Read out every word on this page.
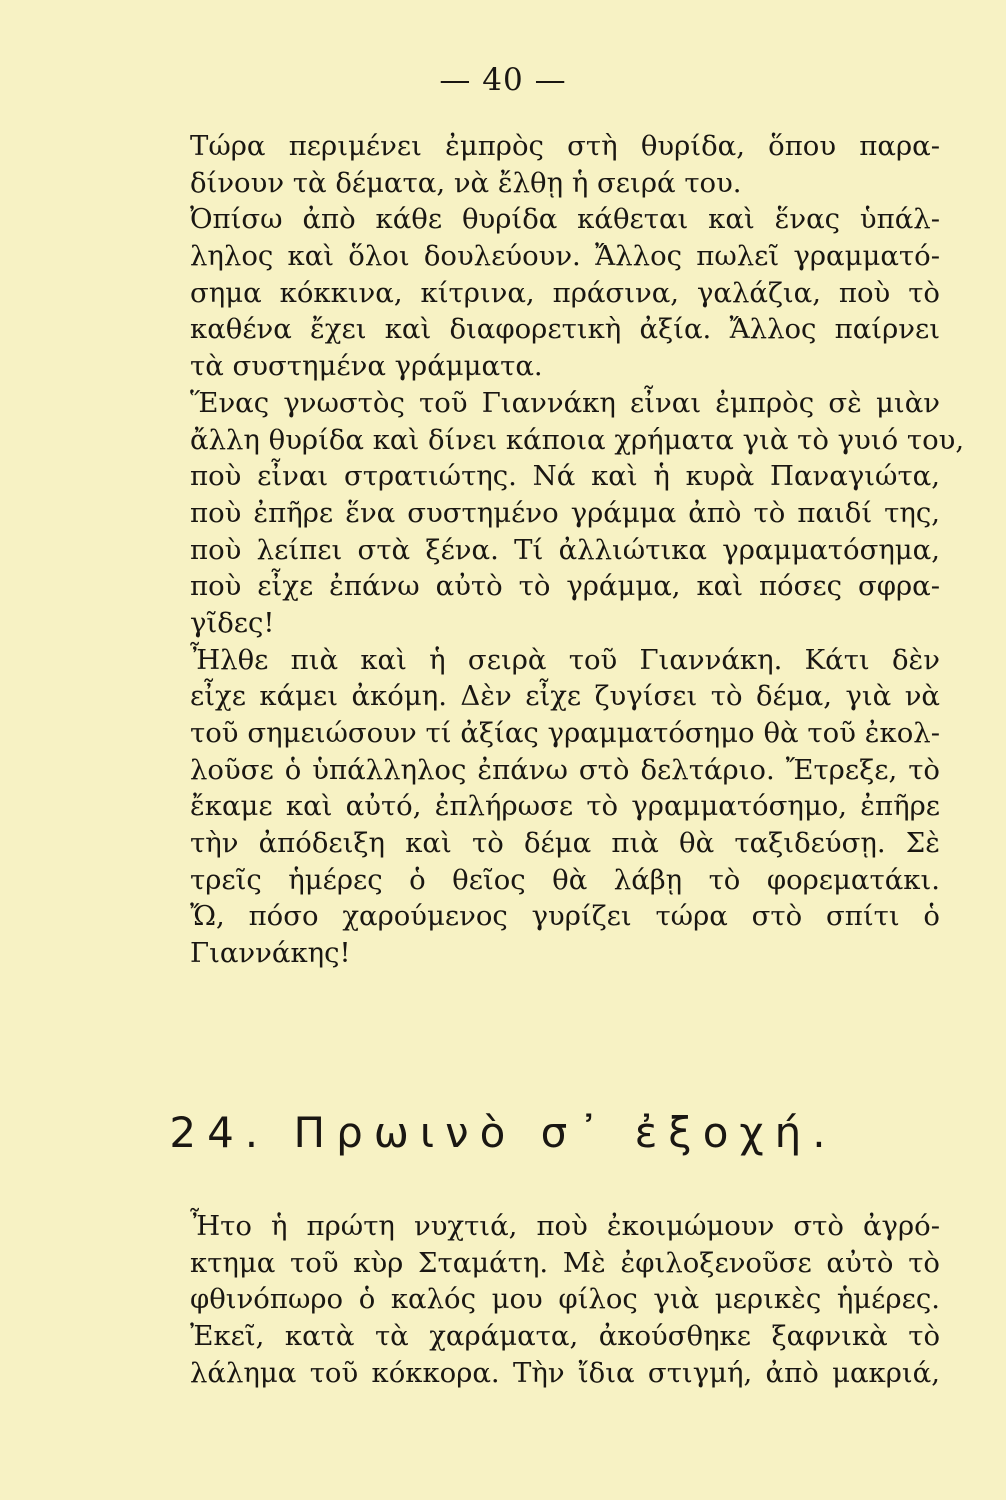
— 40 —
Τώρα περιμένει ἐμπρὸς στὴ θυρίδα, ὅπου παρα-
δίνουν τὰ δέματα, νὰ ἔλθῃ ἡ σειρά του.
Ὀπίσω ἀπὸ κάθε θυρίδα κάθεται καὶ ἕνας ὑπάλ-
ληλος καὶ ὅλοι δουλεύουν. Ἄλλος πωλεῖ γραμματό-
σημα κόκκινα, κίτρινα, πράσινα, γαλάζια, ποὺ τὸ
καθένα ἔχει καὶ διαφορετικὴ ἀξία. Ἄλλος παίρνει
τὰ συστημένα γράμματα.
Ἕνας γνωστὸς τοῦ Γιαννάκη εἶναι ἐμπρὸς σὲ μιὰν
ἄλλη θυρίδα καὶ δίνει κάποια χρήματα γιὰ τὸ γυιό του,
ποὺ εἶναι στρατιώτης. Νά καὶ ἡ κυρὰ Παναγιώτα,
ποὺ ἐπῆρε ἕνα συστημένο γράμμα ἀπὸ τὸ παιδί της,
ποὺ λείπει στὰ ξένα. Τί ἀλλιώτικα γραμματόσημα,
ποὺ εἶχε ἐπάνω αὐτὸ τὸ γράμμα, καὶ πόσες σφρα-
γῖδες!
Ἦλθε πιὰ καὶ ἡ σειρὰ τοῦ Γιαννάκη. Κάτι δὲν
εἶχε κάμει ἀκόμη. Δὲν εἶχε ζυγίσει τὸ δέμα, γιὰ νὰ
τοῦ σημειώσουν τί ἀξίας γραμματόσημο θὰ τοῦ ἐκολ-
λοῦσε ὁ ὑπάλληλος ἐπάνω στὸ δελτάριο. Ἔτρεξε, τὸ
ἔκαμε καὶ αὐτό, ἐπλήρωσε τὸ γραμματόσημο, ἐπῆρε
τὴν ἀπόδειξη καὶ τὸ δέμα πιὰ θὰ ταξιδεύσῃ. Σὲ
τρεῖς ἡμέρες ὁ θεῖος θὰ λάβῃ τὸ φορεματάκι.
Ὤ, πόσο χαρούμενος γυρίζει τώρα στὸ σπίτι ὁ
Γιαννάκης!
24. Πρωινὸ σ᾿ ἐξοχή.
Ἦτο ἡ πρώτη νυχτιά, ποὺ ἐκοιμώμουν στὸ ἀγρό-
κτημα τοῦ κὺρ Σταμάτη. Μὲ ἐφιλοξενοῦσε αὐτὸ τὸ
φθινόπωρο ὁ καλός μου φίλος γιὰ μερικὲς ἡμέρες.
Ἐκεῖ, κατὰ τὰ χαράματα, ἀκούσθηκε ξαφνικὰ τὸ
λάλημα τοῦ κόκκορα. Τὴν ἴδια στιγμή, ἀπὸ μακριά,
